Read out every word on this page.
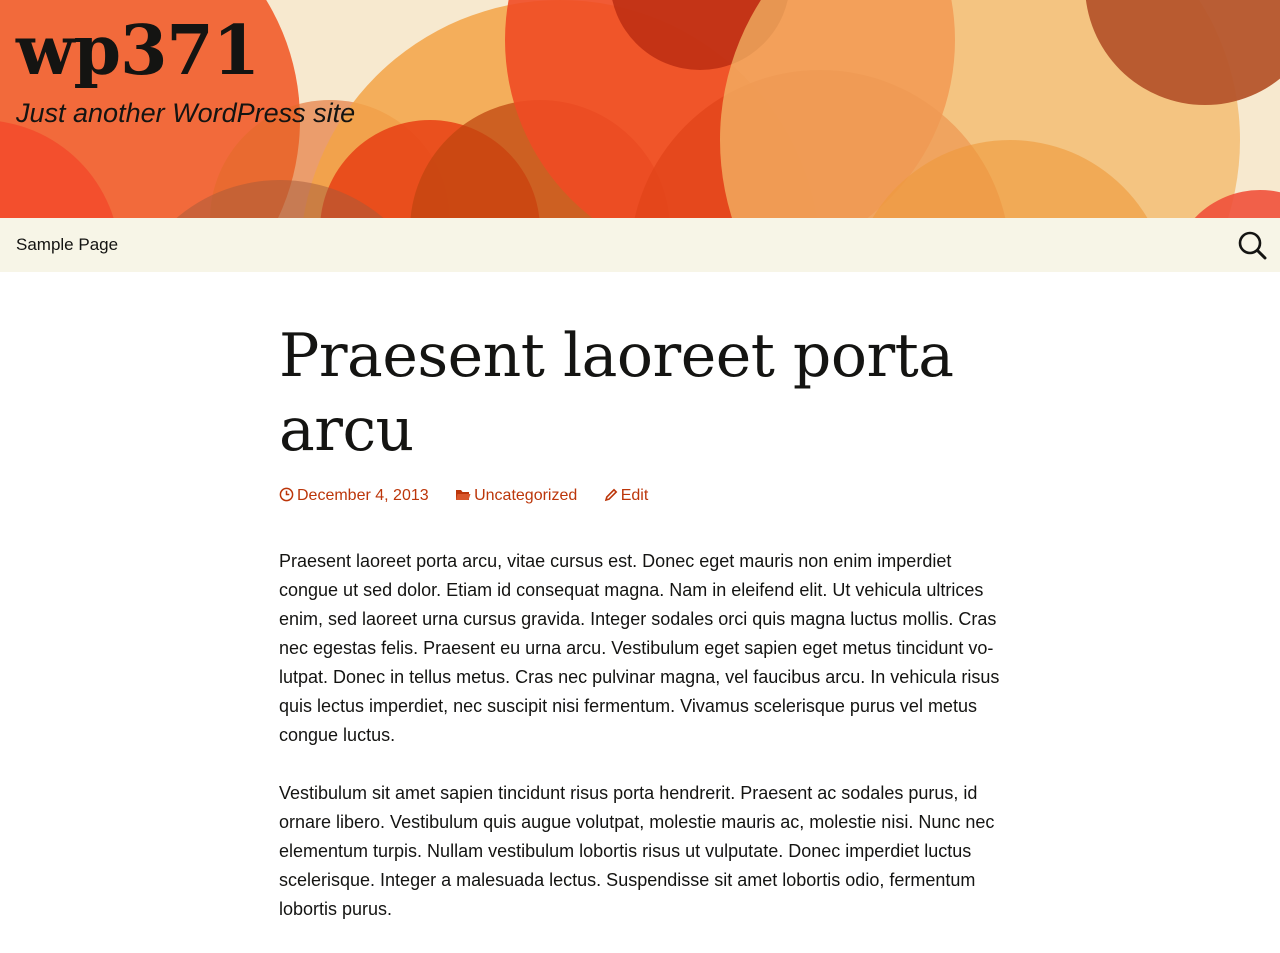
wp371
Just another WordPress site
Sample Page
Praesent laoreet porta arcu
December 4, 2013	Uncategorized	Edit

Praesent laoreet porta arcu, vitae cursus est. Donec eget mauris non enim imperdiet congue ut sed dolor. Etiam id consequat magna. Nam in eleifend elit. Ut vehicula ultrices enim, sed laoreet urna cursus gravida. Integer sodales orci quis magna luctus mollis. Cras nec egestas felis. Praesent eu urna arcu. Vestibulum eget sapien eget metus tincidunt vo-lutpat. Donec in tellus metus. Cras nec pulvinar magna, vel faucibus arcu. In vehicula risus quis lectus imperdiet, nec suscipit nisi fermentum. Vivamus scelerisque purus vel metus congue luctus.

Vestibulum sit amet sapien tincidunt risus porta hendrerit. Praesent ac sodales purus, id ornare libero. Vestibulum quis augue volutpat, molestie mauris ac, molestie nisi. Nunc nec elementum turpis. Nullam vestibulum lobortis risus ut vulputate. Donec imperdiet luctus scelerisque. Integer a malesuada lectus. Suspendisse sit amet lobortis odio, fermentum lobortis purus.
